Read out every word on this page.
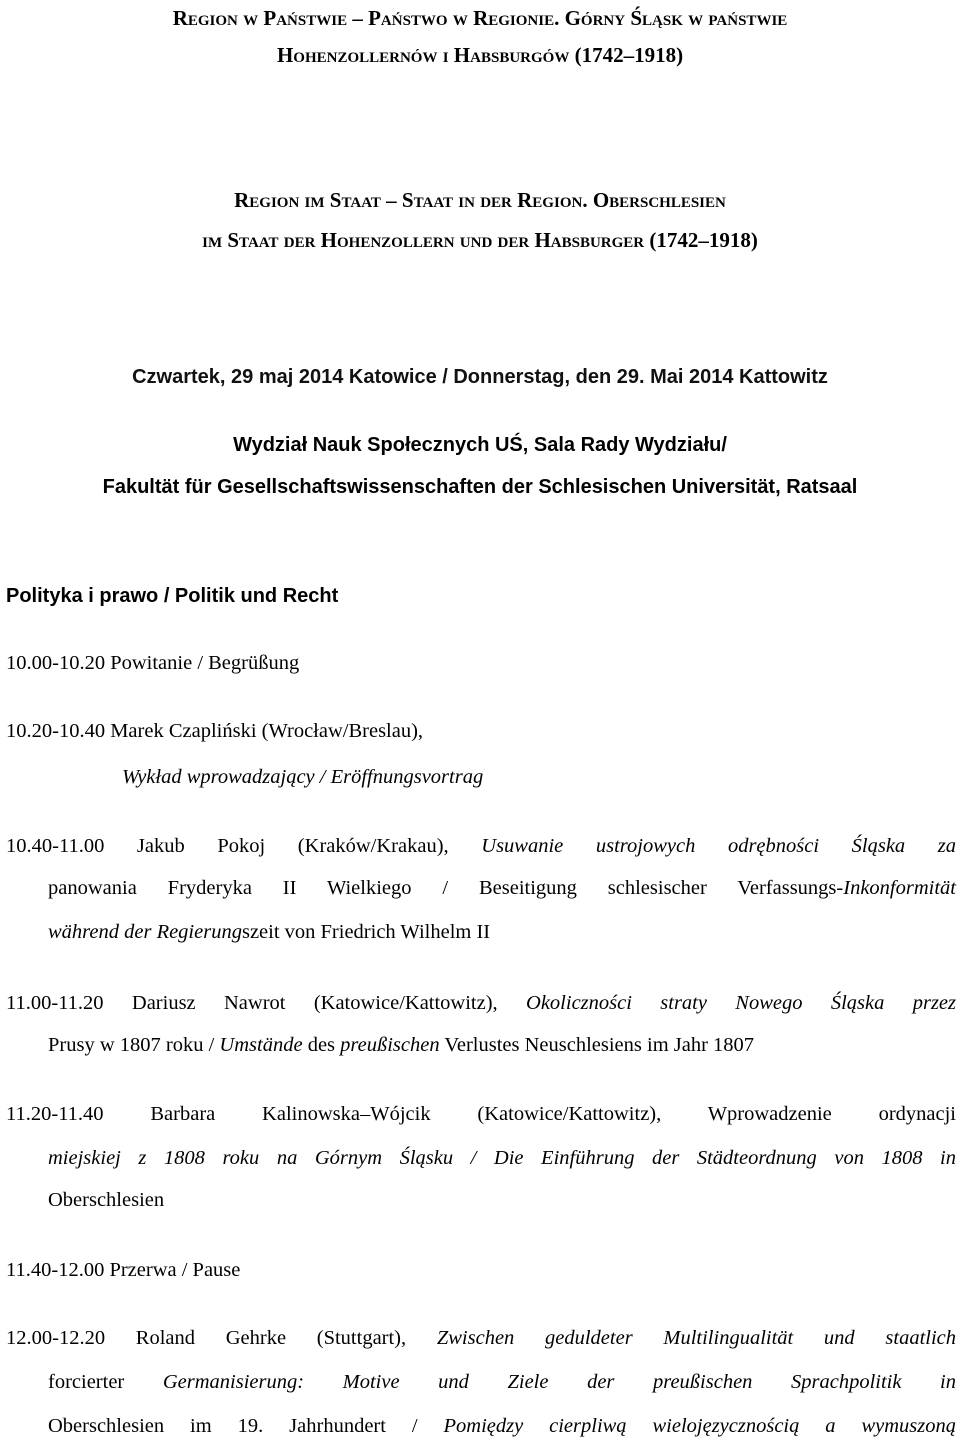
Region w Państwie – Państwo w Regionie. Górny Śląsk w państwie
Hohenzollernów i Habsburgów (1742–1918)
Region im Staat – Staat in der Region. Oberschlesien
im Staat der Hohenzollern und der Habsburger (1742–1918)
Czwartek, 29 maj 2014 Katowice / Donnerstag, den 29. Mai 2014 Kattowitz
Wydział Nauk Społecznych UŚ, Sala Rady Wydziału/
Fakultät für Gesellschaftswissenschaften der Schlesischen Universität, Ratsaal
Polityka i prawo / Politik und Recht
10.00-10.20 Powitanie / Begrüßung
10.20-10.40 Marek Czapliński (Wrocław/Breslau),
Wykład wprowadzający / Eröffnungsvortrag
10.40-11.00 Jakub Pokoj (Kraków/Krakau), Usuwanie ustrojowych odrębności Śląska za
panowania Fryderyka II Wielkiego / Beseitigung schlesischer Verfassungs-Inkonformität
während der Regierungszeit von Friedrich Wilhelm II
11.00-11.20 Dariusz Nawrot (Katowice/Kattowitz), Okoliczności straty Nowego Śląska przez
Prusy w 1807 roku / Umstände des preußischen Verlustes Neuschlesiens im Jahr 1807
11.20-11.40 Barbara Kalinowska–Wójcik (Katowice/Kattowitz), Wprowadzenie ordynacji
miejskiej z 1808 roku na Górnym Śląsku / Die Einführung der Städteordnung von 1808 in
Oberschlesien
11.40-12.00 Przerwa / Pause
12.00-12.20 Roland Gehrke (Stuttgart), Zwischen geduldeter Multilingualität und staatlich
forcierter Germanisierung: Motive und Ziele der preußischen Sprachpolitik in
Oberschlesien im 19. Jahrhundert / Pomiędzy cierpliwą wielojęzycznością a wymuszoną
